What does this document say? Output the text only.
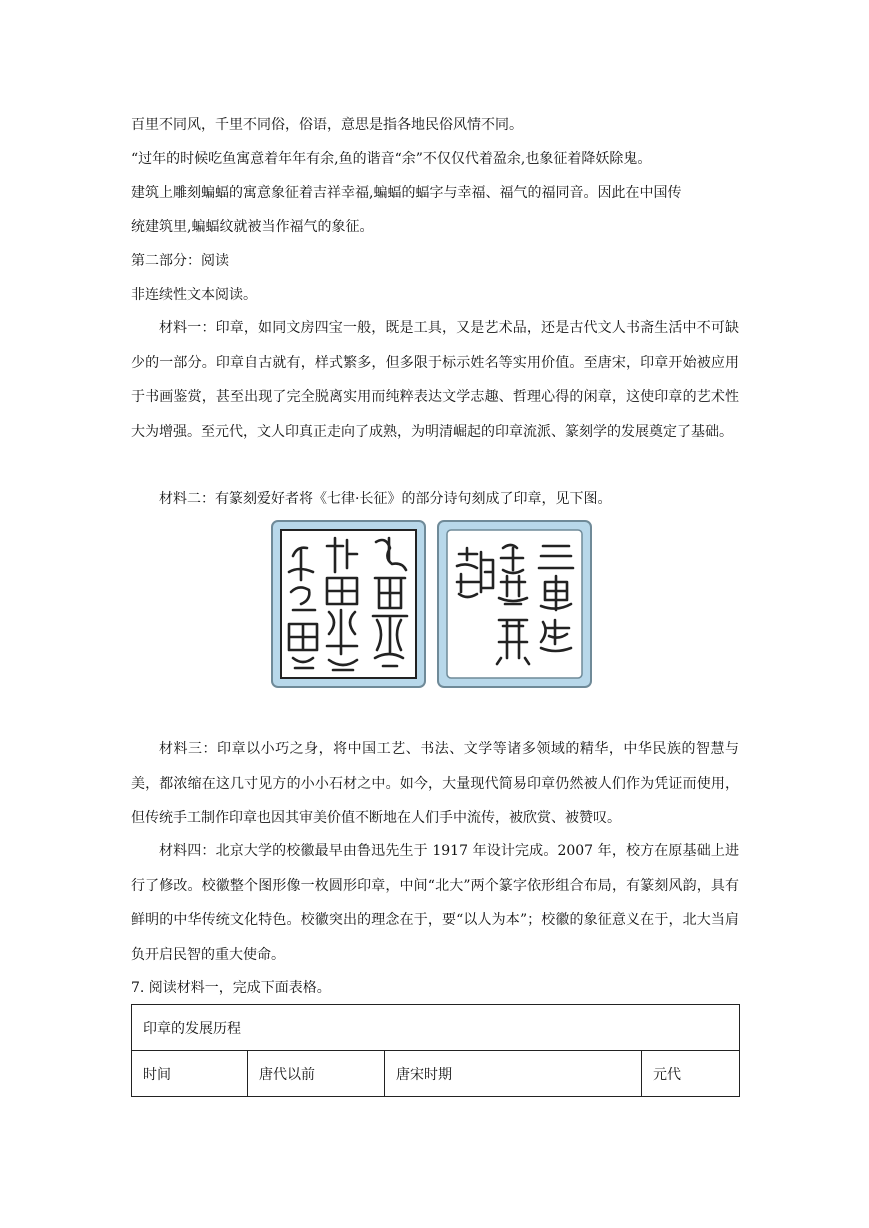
百里不同风，千里不同俗，俗语，意思是指各地民俗风情不同。
“过年的时候吃鱼寓意着年年有余,鱼的谐音“余”不仅仅代着盈余,也象征着降妖除鬼。
建筑上雕刻蝙蝠的寓意象征着吉祥幸福,蝙蝠的蝠字与幸福、福气的福同音。因此在中国传
统建筑里,蝙蝠纹就被当作福气的象征。
第二部分：阅读
非连续性文本阅读。
材料一：印章，如同文房四宝一般，既是工具，又是艺术品，还是古代文人书斋生活中不可缺少的一部分。印章自古就有，样式繁多，但多限于标示姓名等实用价值。至唐宋，印章开始被应用于书画鉴赏，甚至出现了完全脱离实用而纯粹表达文学志趣、哲理心得的闲章，这使印章的艺术性大为增强。至元代，文人印真正走向了成熟，为明清崛起的印章流派、篆刻学的发展奠定了基础。
材料二：有篆刻爱好者将《七律·长征》的部分诗句刻成了印章，见下图。
材料三：印章以小巧之身，将中国工艺、书法、文学等诸多领域的精华，中华民族的智慧与美，都浓缩在这几寸见方的小小石材之中。如今，大量现代简易印章仍然被人们作为凭证而使用，但传统手工制作印章也因其审美价值不断地在人们手中流传，被欣赏、被赞叹。
材料四：北京大学的校徽最早由鲁迅先生于 1917 年设计完成。2007 年，校方在原基础上进行了修改。校徽整个图形像一枚圆形印章，中间“北大”两个篆字依形组合布局，有篆刻风韵，具有鲜明的中华传统文化特色。校徽突出的理念在于，要“以人为本”；校徽的象征意义在于，北大当肩负开启民智的重大使命。
7. 阅读材料一，完成下面表格。
印章的发展历程
时间	唐代以前	唐宋时期	元代
